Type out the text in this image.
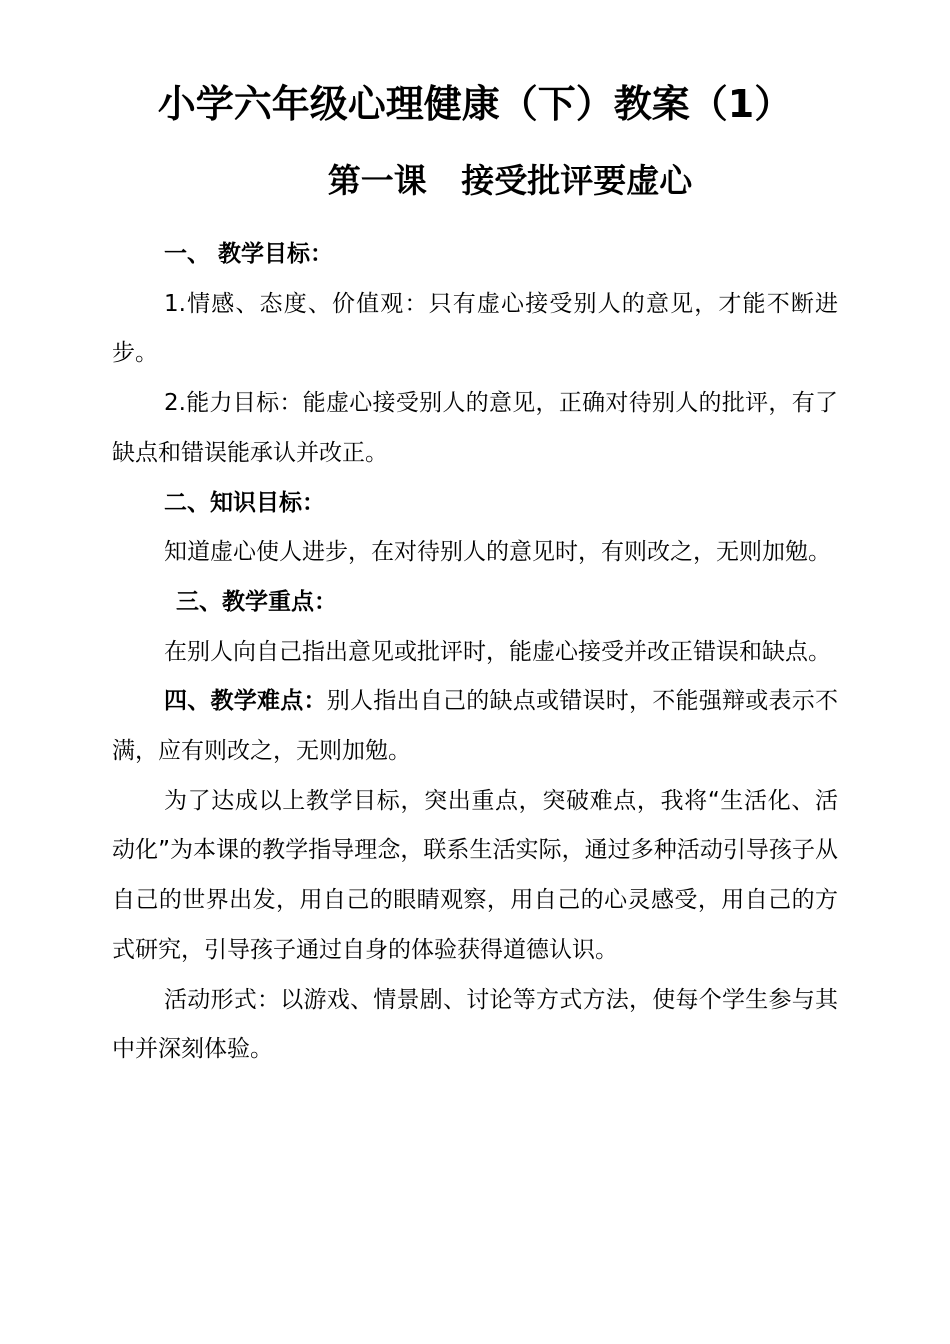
小学六年级心理健康（下）教案（1）
第一课   接受批评要虚心

一、 教学目标：

1.情感、态度、价值观：只有虚心接受别人的意见，才能不断进步。

2.能力目标：能虚心接受别人的意见，正确对待别人的批评，有了缺点和错误能承认并改正。

二、知识目标：

知道虚心使人进步，在对待别人的意见时，有则改之，无则加勉。

三、教学重点：

在别人向自己指出意见或批评时，能虚心接受并改正错误和缺点。

四、教学难点：别人指出自己的缺点或错误时，不能强辩或表示不满，应有则改之，无则加勉。

为了达成以上教学目标，突出重点，突破难点，我将“生活化、活动化”为本课的教学指导理念，联系生活实际，通过多种活动引导孩子从自己的世界出发，用自己的眼睛观察，用自己的心灵感受，用自己的方式研究，引导孩子通过自身的体验获得道德认识。

活动形式：以游戏、情景剧、讨论等方式方法，使每个学生参与其中并深刻体验。
